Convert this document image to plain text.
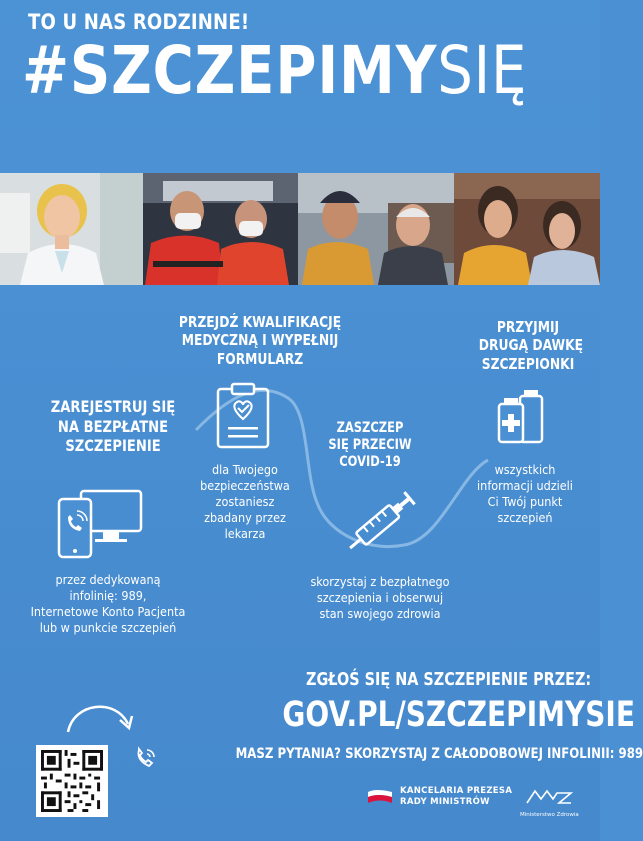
TO U NAS RODZINNE!
#SZCZEPIMYSIĘ
ZAREJESTRUJ SIĘ
NA BEZPŁATNE
SZCZEPIENIE
przez dedykowaną
infolinię: 989,
Internetowe Konto Pacjenta
lub w punkcie szczepień
PRZEJDŹ KWALIFIKACJĘ
MEDYCZNĄ I WYPEŁNIJ
FORMULARZ
dla Twojego
bezpieczeństwa
zostaniesz
zbadany przez
lekarza
ZASZCZEP
SIĘ PRZECIW
COVID-19
skorzystaj z bezpłatnego
szczepienia i obserwuj
stan swojego zdrowia
PRZYJMIJ
DRUGĄ DAWKĘ
SZCZEPIONKI
wszystkich
informacji udzieli
Ci Twój punkt
szczepień
ZGŁOŚ SIĘ NA SZCZEPIENIE PRZEZ:
GOV.PL/SZCZEPIMYSIE
MASZ PYTANIA? SKORZYSTAJ Z CAŁODOBOWEJ INFOLINII: 989
KANCELARIA PREZESA
RADY MINISTRÓW
Ministerstwo Zdrowia
